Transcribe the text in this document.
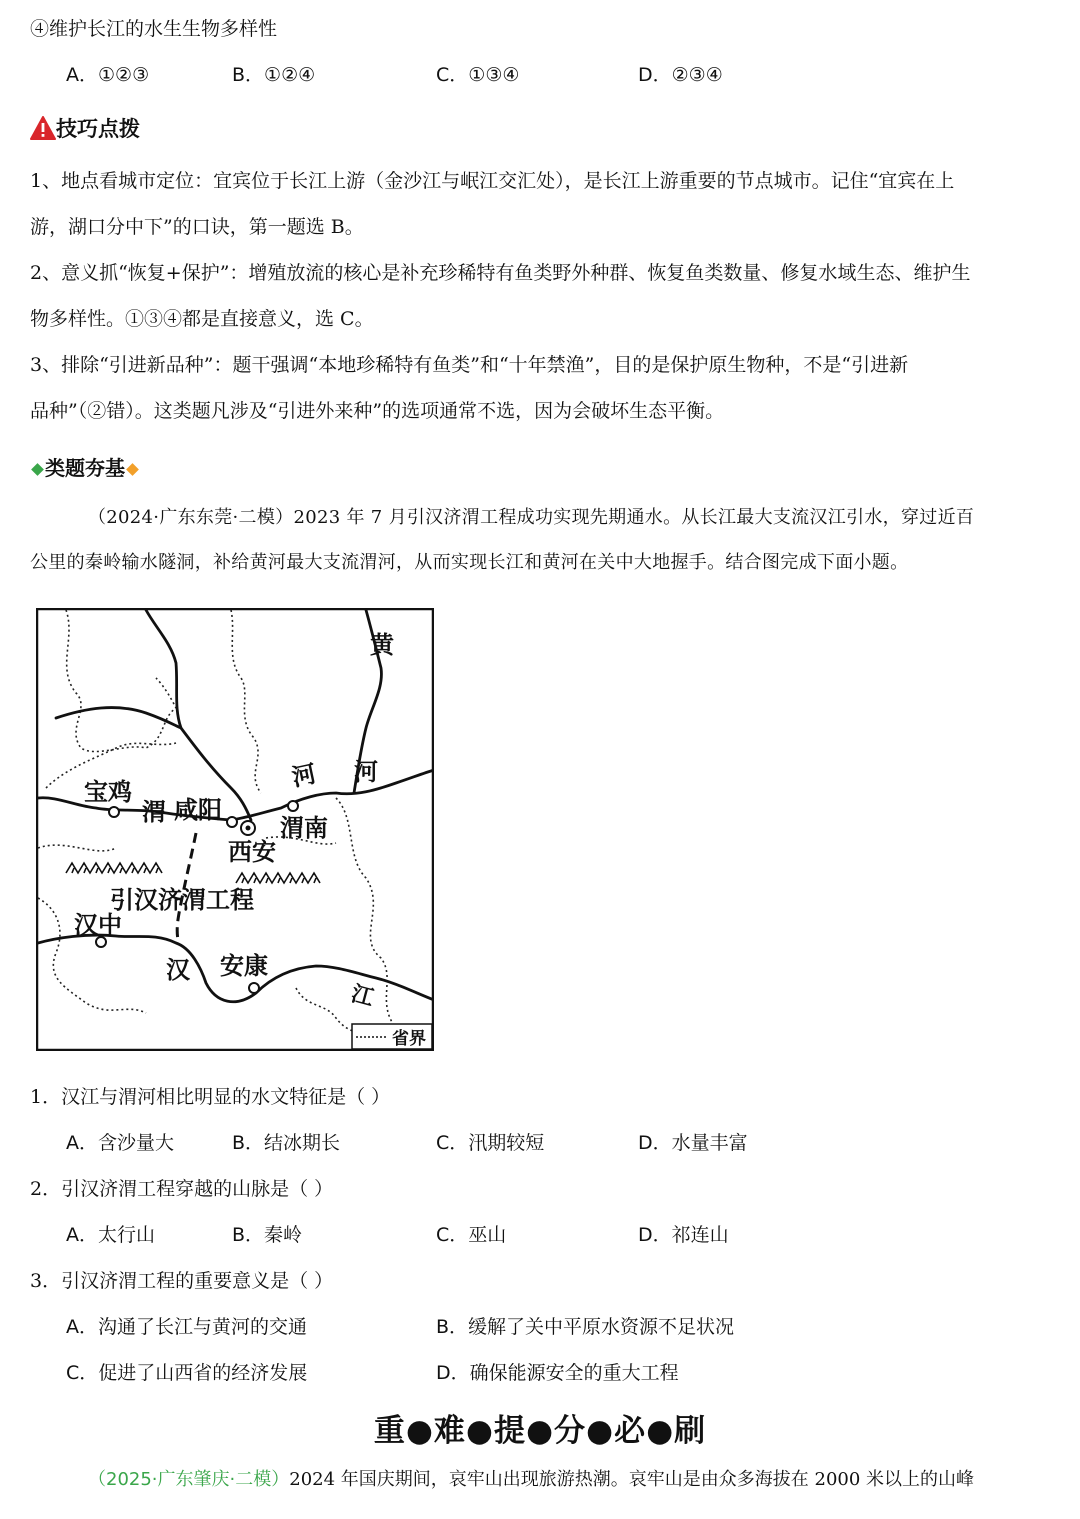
④维护长江的水生生物多样性
A．①②③	B．①②④	C．①③④	D．②③④
技巧点拨
1、地点看城市定位：宜宾位于长江上游（金沙江与岷江交汇处），是长江上游重要的节点城市。记住“宜宾在上
游，湖口分中下”的口诀，第一题选 B。
2、意义抓“恢复+保护”：增殖放流的核心是补充珍稀特有鱼类野外种群、恢复鱼类数量、修复水域生态、维护生
物多样性。①③④都是直接意义，选 C。
3、排除“引进新品种”：题干强调“本地珍稀特有鱼类”和“十年禁渔”，目的是保护原生物种，不是“引进新
品种”（②错）。这类题凡涉及“引进外来种”的选项通常不选，因为会破坏生态平衡。
类题夯基
（2024·广东东莞·二模）2023 年 7 月引汉济渭工程成功实现先期通水。从长江最大支流汉江引水，穿过近百
公里的秦岭输水隧洞，补给黄河最大支流渭河，从而实现长江和黄河在关中大地握手。结合图完成下面小题。
黄
河 河
宝鸡
渭 咸阳
渭南
西安
引汉济渭工程
汉中
汉 安康
江
省界
1．汉江与渭河相比明显的水文特征是（ ）
A．含沙量大	B．结冰期长	C．汛期较短	D．水量丰富
2．引汉济渭工程穿越的山脉是（ ）
A．太行山	B．秦岭	C．巫山	D．祁连山
3．引汉济渭工程的重要意义是（ ）
A．沟通了长江与黄河的交通	B．缓解了关中平原水资源不足状况
C．促进了山西省的经济发展	D．确保能源安全的重大工程
重●难●提●分●必●刷
（2025·广东肇庆·二模）2024 年国庆期间，哀牢山出现旅游热潮。哀牢山是由众多海拔在 2000 米以上的山峰
